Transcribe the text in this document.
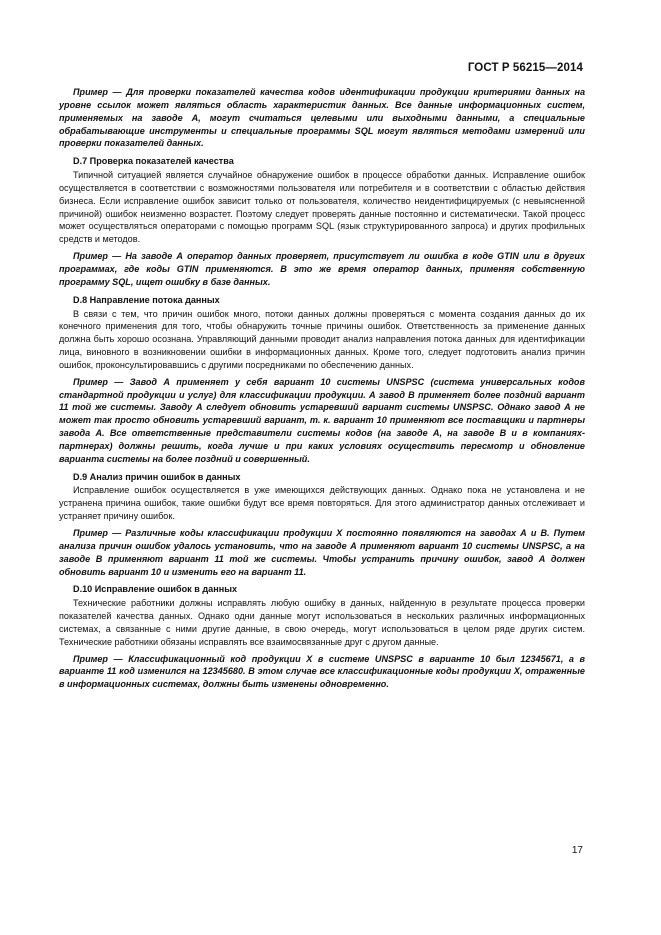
ГОСТ Р 56215—2014

Пример — Для проверки показателей качества кодов идентификации продукции критериями данных на уровне ссылок может являться область характеристик данных. Все данные информационных систем, применяемых на заводе А, могут считаться целевыми или выходными данными, а специальные обрабатывающие инструменты и специальные программы SQL могут являться методами измерений или проверки показателей данных.

D.7 Проверка показателей качества

Типичной ситуацией является случайное обнаружение ошибок в процессе обработки данных. Исправление ошибок осуществляется в соответствии с возможностями пользователя или потребителя и в соответствии с областью действия бизнеса. Если исправление ошибок зависит только от пользователя, количество неидентифицируемых (с невыясненной причиной) ошибок неизменно возрастет. Поэтому следует проверять данные постоянно и систематически. Такой процесс может осуществляться операторами с помощью программ SQL (язык структурированного запроса) и других профильных средств и методов.

Пример — На заводе А оператор данных проверяет, присутствует ли ошибка в коде GTIN или в других программах, где коды GTIN применяются. В это же время оператор данных, применяя собственную программу SQL, ищет ошибку в базе данных.

D.8 Направление потока данных

В связи с тем, что причин ошибок много, потоки данных должны проверяться с момента создания данных до их конечного применения для того, чтобы обнаружить точные причины ошибок. Ответственность за применение данных должна быть хорошо осознана. Управляющий данными проводит анализ направления потока данных для идентификации лица, виновного в возникновении ошибки в информационных данных. Кроме того, следует подготовить анализ причин ошибок, проконсультировавшись с другими посредниками по обеспечению данных.

Пример — Завод А применяет у себя вариант 10 системы UNSPSC (система универсальных кодов стандартной продукции и услуг) для классификации продукции. А завод В применяет более поздний вариант 11 той же системы. Заводу А следует обновить устаревший вариант системы UNSPSC. Однако завод А не может так просто обновить устаревший вариант, т. к. вариант 10 применяют все поставщики и партнеры завода А. Все ответственные представители системы кодов (на заводе А, на заводе В и в компаниях-партнерах) должны решить, когда лучше и при каких условиях осуществить пересмотр и обновление варианта системы на более поздний и совершенный.

D.9 Анализ причин ошибок в данных

Исправление ошибок осуществляется в уже имеющихся действующих данных. Однако пока не установлена и не устранена причина ошибок, такие ошибки будут все время повторяться. Для этого администратор данных отслеживает и устраняет причину ошибок.

Пример — Различные коды классификации продукции Х постоянно появляются на заводах А и В. Путем анализа причин ошибок удалось установить, что на заводе А применяют вариант 10 системы UNSPSC, а на заводе В применяют вариант 11 той же системы. Чтобы устранить причину ошибок, завод А должен обновить вариант 10 и изменить его на вариант 11.

D.10 Исправление ошибок в данных

Технические работники должны исправлять любую ошибку в данных, найденную в результате процесса проверки показателей качества данных. Однако одни данные могут использоваться в нескольких различных информационных системах, а связанные с ними другие данные, в свою очередь, могут использоваться в целом ряде других систем. Технические работники обязаны исправлять все взаимосвязанные друг с другом данные.

Пример — Классификационный код продукции Х в системе UNSPSC в варианте 10 был 12345671, а в варианте 11 код изменился на 12345680. В этом случае все классификационные коды продукции Х, отраженные в информационных системах, должны быть изменены одновременно.

17
